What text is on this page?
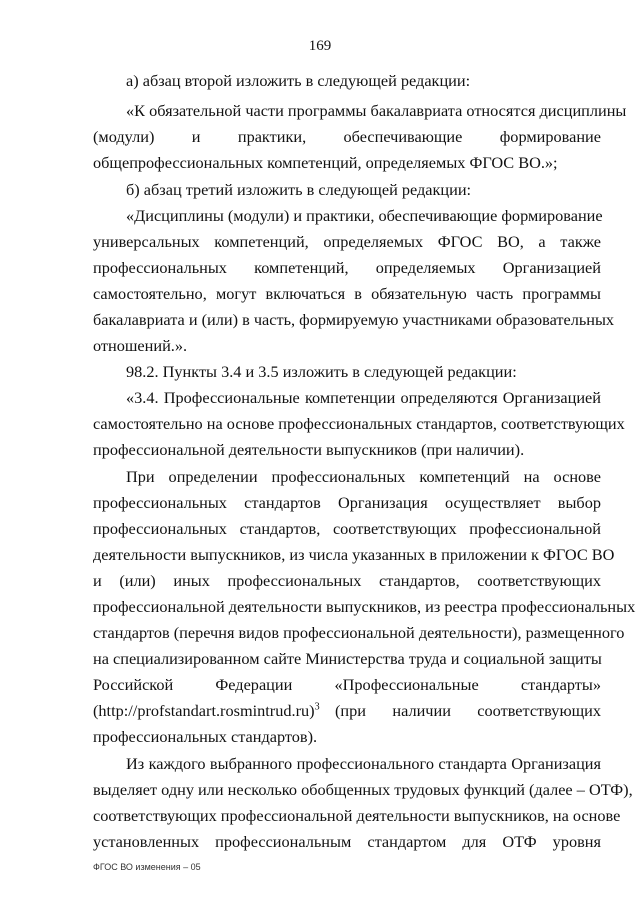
169
а) абзац второй изложить в следующей редакции:
«К обязательной части программы бакалавриата относятся дисциплины
(модули) и практики, обеспечивающие формирование
общепрофессиональных компетенций, определяемых ФГОС ВО.»;
б) абзац третий изложить в следующей редакции:
«Дисциплины (модули) и практики, обеспечивающие формирование
универсальных компетенций, определяемых ФГОС ВО, а также
профессиональных компетенций, определяемых Организацией
самостоятельно, могут включаться в обязательную часть программы
бакалавриата и (или) в часть, формируемую участниками образовательных
отношений.».
98.2. Пункты 3.4 и 3.5 изложить в следующей редакции:
«3.4. Профессиональные компетенции определяются Организацией
самостоятельно на основе профессиональных стандартов, соответствующих
профессиональной деятельности выпускников (при наличии).
При определении профессиональных компетенций на основе
профессиональных стандартов Организация осуществляет выбор
профессиональных стандартов, соответствующих профессиональной
деятельности выпускников, из числа указанных в приложении к ФГОС ВО
и (или) иных профессиональных стандартов, соответствующих
профессиональной деятельности выпускников, из реестра профессиональных
стандартов (перечня видов профессиональной деятельности), размещенного
на специализированном сайте Министерства труда и социальной защиты
Российской Федерации «Профессиональные стандарты»
(http://profstandart.rosmintrud.ru)$^3$ (при наличии соответствующих
профессиональных стандартов).
Из каждого выбранного профессионального стандарта Организация
выделяет одну или несколько обобщенных трудовых функций (далее – ОТФ),
соответствующих профессиональной деятельности выпускников, на основе
установленных профессиональным стандартом для ОТФ уровня
ФГОС ВО изменения – 05
